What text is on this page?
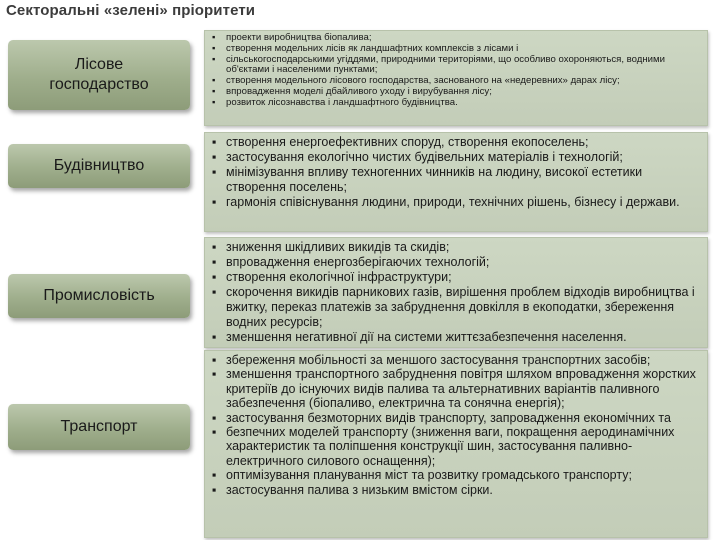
Секторальні «зелені» пріоритети
Лісове господарство
Будівництво
Промисловість
Транспорт
▪ проекти виробництва біопалива;
▪ створення модельних лісів як ландшафтних комплексів з лісами і
▪ сільськогосподарськими угіддями, природними територіями, що особливо охороняються, водними об'єктами і населеними пунктами;
▪ створення модельного лісового господарства, заснованого на «недеревних» дарах лісу;
▪ впровадження моделі дбайливого уходу і вирубування лісу;
▪ розвиток лісознавства і ландшафтного будівництва.
▪ створення енергоефективних споруд, створення екопоселень;
▪ застосування екологічно чистих будівельних матеріалів і технологій;
▪ мінімізування впливу техногенних чинників на людину, високої естетики створення поселень;
▪ гармонія співіснування людини, природи, технічних рішень, бізнесу і держави.
▪ зниження шкідливих викидів та скидів;
▪ впровадження енергозберігаючих технологій;
▪ створення екологічної інфраструктури;
▪ скорочення викидів парникових газів, вирішення проблем відходів виробництва і вжитку, переказ платежів за забруднення довкілля в екоподатки, збереження водних ресурсів;
▪ зменшення негативної дії на системи життєзабезпечення населення.
▪ збереження мобільності за меншого застосування транспортних засобів;
▪ зменшення транспортного забруднення повітря шляхом впровадження жорстких критеріїв до існуючих видів палива та альтернативних варіантів паливного забезпечення (біопаливо, електрична та сонячна енергія);
▪ застосування безмоторних видів транспорту, запровадження економічних та
▪ безпечних моделей транспорту (зниження ваги, покращення аеродинамічних характеристик та поліпшення конструкції шин, застосування паливно-електричного силового оснащення);
▪ оптимізування планування міст та розвитку громадського транспорту;
▪ застосування палива з низьким вмістом сірки.
